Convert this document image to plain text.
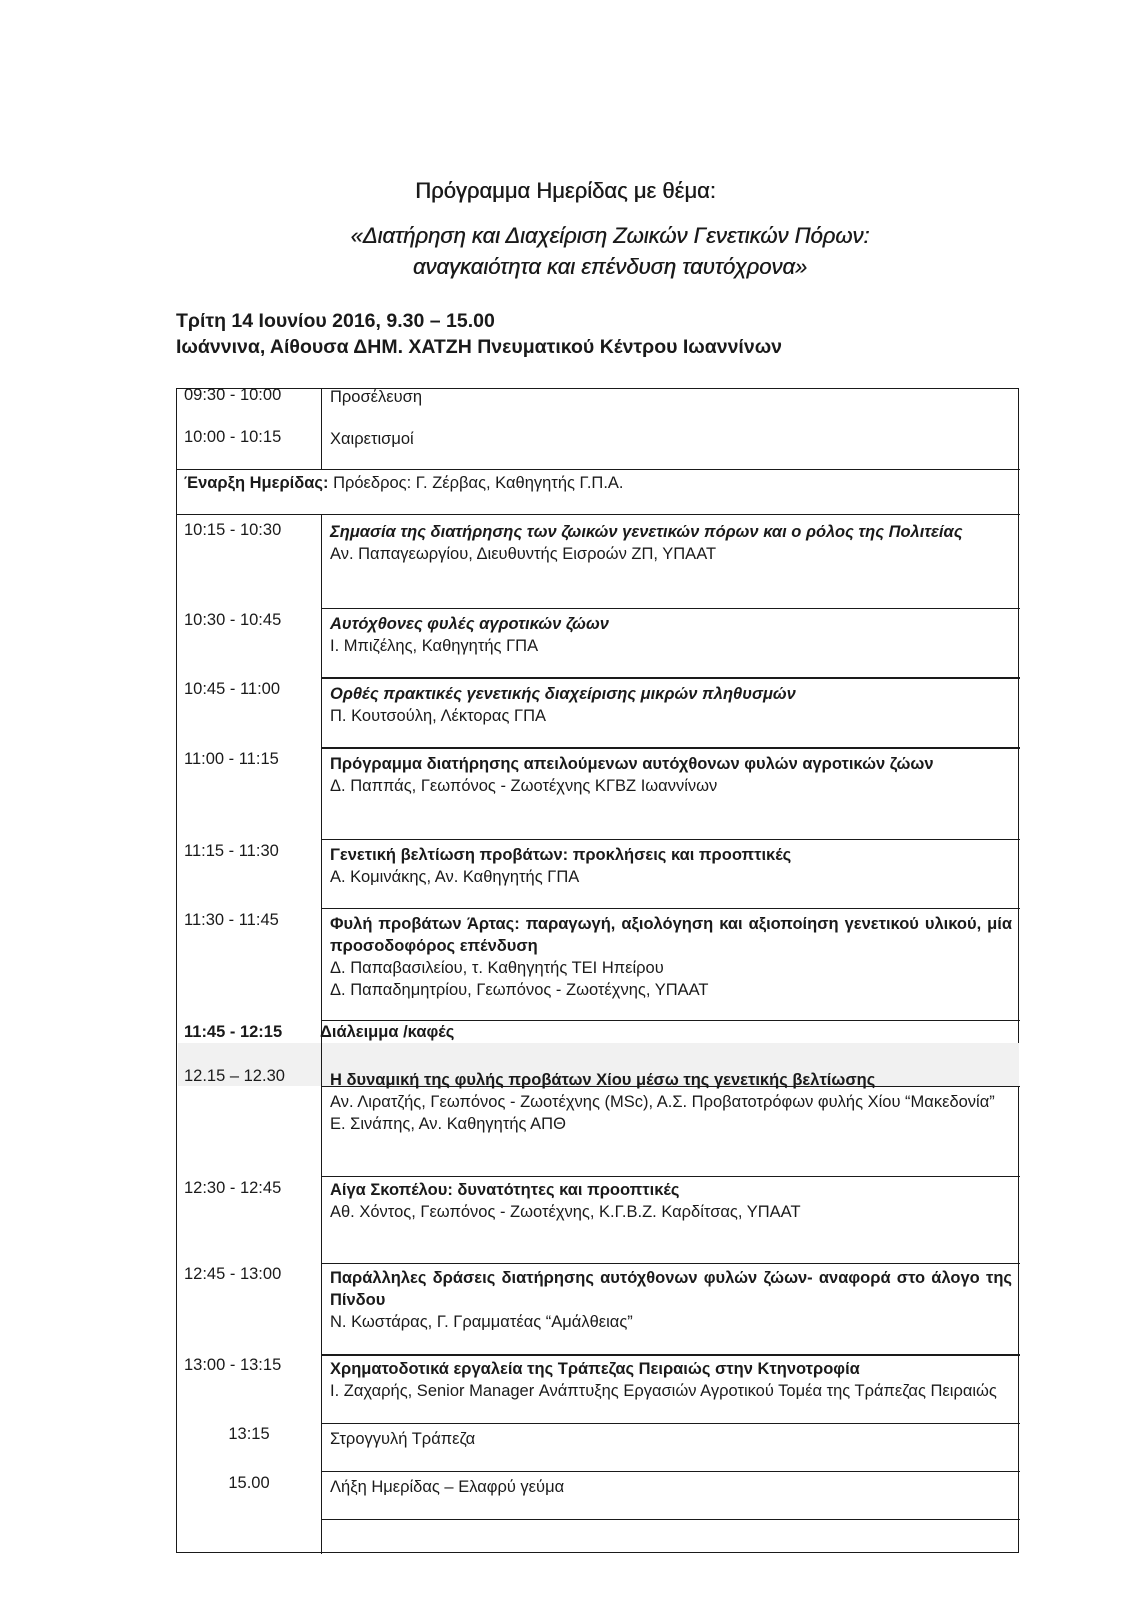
Πρόγραμμα Ημερίδας με θέμα:
«Διατήρηση και Διαχείριση Ζωικών Γενετικών Πόρων:
αναγκαιότητα και επένδυση ταυτόχρονα»
Τρίτη 14 Ιουνίου 2016, 9.30 – 15.00
Ιωάννινα, Αίθουσα ΔΗΜ. ΧΑΤΖΗ Πνευματικού Κέντρου Ιωαννίνων
09:30 - 10:00	Προσέλευση
10:00 - 10:15	Χαιρετισμοί
Έναρξη Ημερίδας: Πρόεδρος: Γ. Ζέρβας, Καθηγητής Γ.Π.Α.
10:15 - 10:30	Σημασία της διατήρησης των ζωικών γενετικών πόρων και ο ρόλος της Πολιτείας
Αν. Παπαγεωργίου, Διευθυντής Εισροών ΖΠ, ΥΠΑΑΤ
10:30 - 10:45	Αυτόχθονες φυλές αγροτικών ζώων
Ι. Μπιζέλης, Καθηγητής ΓΠΑ
10:45 - 11:00	Ορθές πρακτικές γενετικής διαχείρισης μικρών πληθυσμών
Π. Κουτσούλη, Λέκτορας ΓΠΑ
11:00 - 11:15	Πρόγραμμα διατήρησης απειλούμενων αυτόχθονων φυλών αγροτικών ζώων
Δ. Παππάς, Γεωπόνος - Ζωοτέχνης ΚΓΒΖ Ιωαννίνων
11:15 - 11:30	Γενετική βελτίωση προβάτων: προκλήσεις και προοπτικές
Α. Κομινάκης, Αν. Καθηγητής ΓΠΑ
11:30 - 11:45	Φυλή προβάτων Άρτας: παραγωγή, αξιολόγηση και αξιοποίηση γενετικού υλικού, μία προσοδοφόρος επένδυση
Δ. Παπαβασιλείου, τ. Καθηγητής ΤΕΙ Ηπείρου
Δ. Παπαδημητρίου, Γεωπόνος - Ζωοτέχνης, ΥΠΑΑΤ
11:45 - 12:15 Διάλειμμα /καφές
12.15 – 12.30	Η δυναμική της φυλής προβάτων Χίου μέσω της γενετικής βελτίωσης
Αν. Λιρατζής, Γεωπόνος - Ζωοτέχνης (MSc), Α.Σ. Προβατοτρόφων φυλής Χίου “Μακεδονία”
Ε. Σινάπης, Αν. Καθηγητής ΑΠΘ
12:30 - 12:45	Αίγα Σκοπέλου: δυνατότητες και προοπτικές
Αθ. Χόντος, Γεωπόνος - Ζωοτέχνης, Κ.Γ.Β.Ζ. Καρδίτσας, ΥΠΑΑΤ
12:45 - 13:00	Παράλληλες δράσεις διατήρησης αυτόχθονων φυλών ζώων- αναφορά στο άλογο της Πίνδου
Ν. Κωστάρας, Γ. Γραμματέας “Αμάλθειας”
13:00 - 13:15	Χρηματοδοτικά εργαλεία της Τράπεζας Πειραιώς στην Κτηνοτροφία
Ι. Ζαχαρής, Senior Manager Ανάπτυξης Εργασιών Αγροτικού Τομέα της Τράπεζας Πειραιώς
13:15	Στρογγυλή Τράπεζα
15.00	Λήξη Ημερίδας – Ελαφρύ γεύμα
